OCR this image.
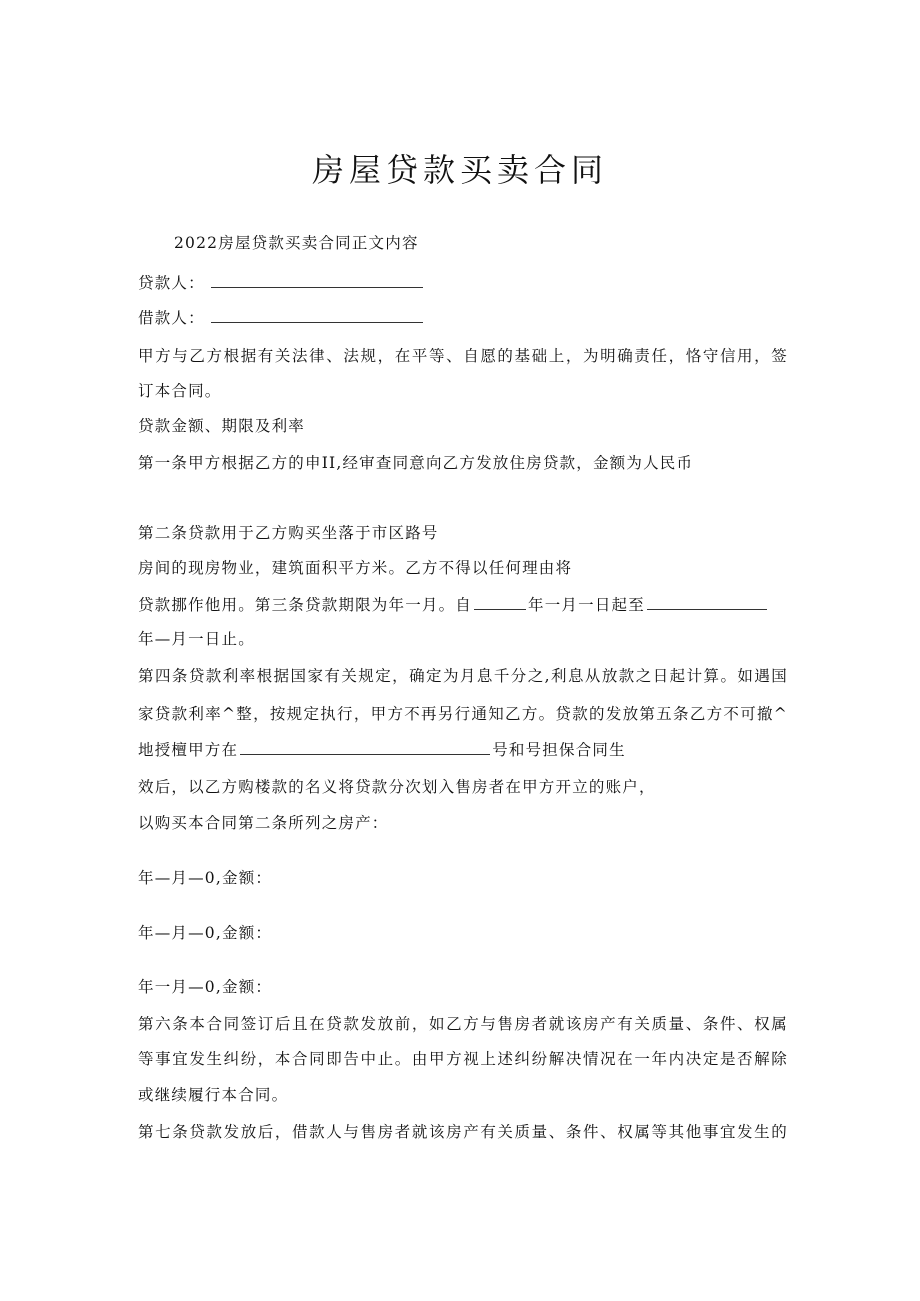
房屋贷款买卖合同
2022房屋贷款买卖合同正文内容
贷款人：
借款人：
甲方与乙方根据有关法律、法规，在平等、自愿的基础上，为明确责任，恪守信用，签
订本合同。
贷款金额、期限及利率
第一条甲方根据乙方的申II,经审查同意向乙方发放住房贷款，金额为人民币
第二条贷款用于乙方购买坐落于市区路号
房间的现房物业，建筑面积平方米。乙方不得以任何理由将
贷款挪作他用。第三条贷款期限为年一月。自	年一月一日起至
年—月一日止。
第四条贷款利率根据国家有关规定，确定为月息千分之,利息从放款之日起计算。如遇国
家贷款利率^整，按规定执行，甲方不再另行通知乙方。贷款的发放第五条乙方不可撤^
地授檀甲方在	号和号担保合同生
效后，以乙方购楼款的名义将贷款分次划入售房者在甲方开立的账户，
以购买本合同第二条所列之房产：
年—月—0,金额：
年—月—0,金额：
年一月—0,金额：
第六条本合同签订后且在贷款发放前，如乙方与售房者就该房产有关质量、条件、权属
等事宜发生纠纷，本合同即告中止。由甲方视上述纠纷解决情况在一年内决定是否解除
或继续履行本合同。
第七条贷款发放后，借款人与售房者就该房产有关质量、条件、权属等其他事宜发生的
